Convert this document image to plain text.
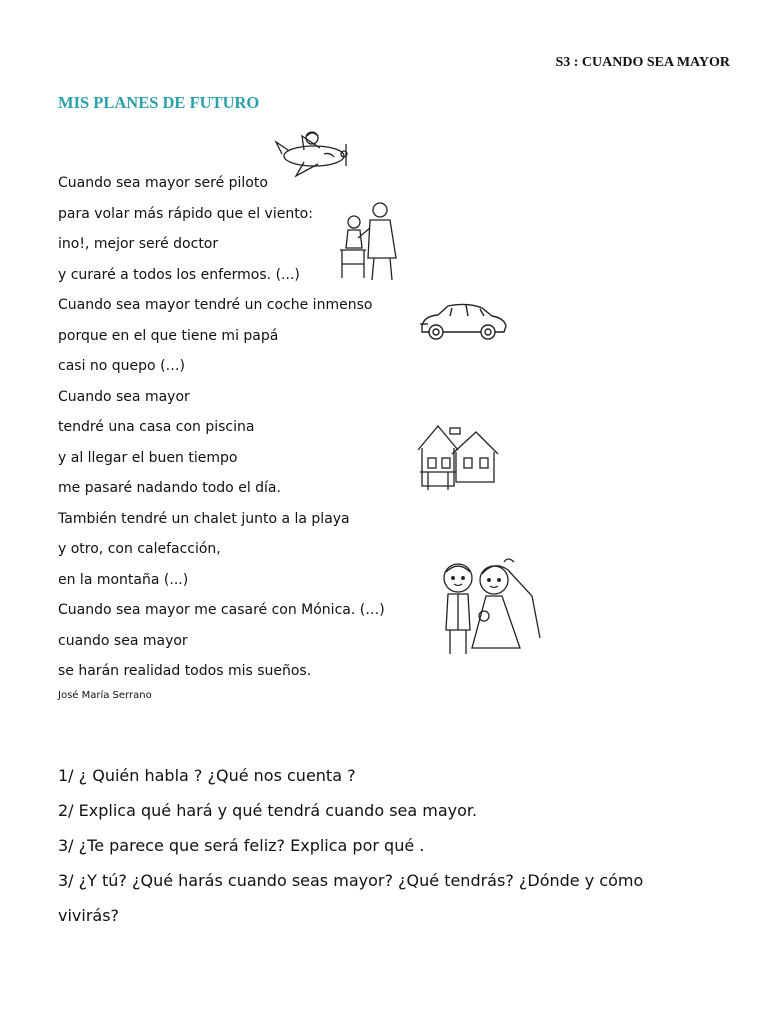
S3 : CUANDO SEA MAYOR
MIS PLANES DE FUTURO
Cuando sea mayor seré piloto
para volar más rápido que el viento:
ino!, mejor seré doctor
y curaré a todos los enfermos. (...)
Cuando sea mayor tendré un coche inmenso
porque en el que tiene mi papá
casi no quepo (…)
Cuando sea mayor
tendré una casa con piscina
y al llegar el buen tiempo
me pasaré nadando todo el día.
También tendré un chalet junto a la playa
y otro, con calefacción,
en la montaña (...)
Cuando sea mayor me casaré con Mónica. (…)
cuando sea mayor
se harán realidad todos mis sueños.
José María Serrano
1/ ¿ Quién habla ? ¿Qué nos cuenta ?
2/ Explica qué hará y qué tendrá cuando sea mayor.
3/ ¿Te parece que será feliz? Explica por qué .
3/ ¿Y tú? ¿Qué harás cuando seas mayor? ¿Qué tendrás? ¿Dónde y cómo
vivirás?
